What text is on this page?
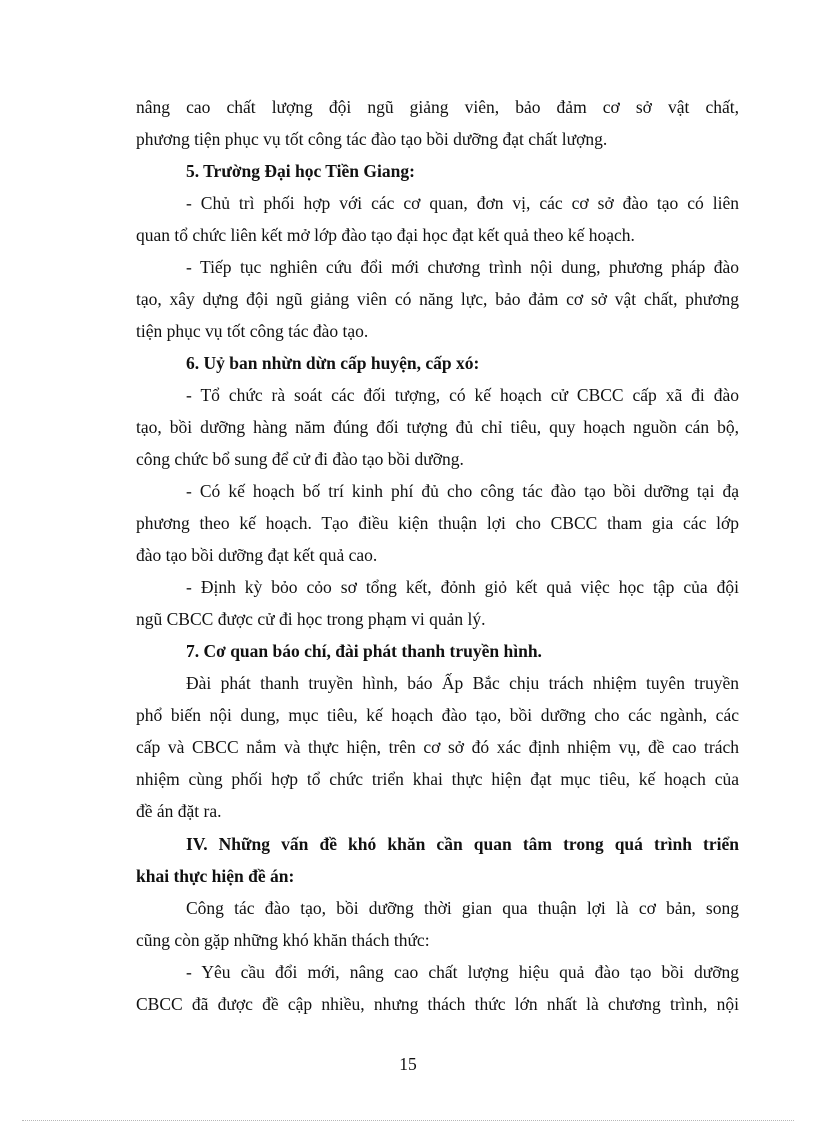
nâng cao chất lượng đội ngũ giảng viên, bảo đảm cơ sở vật chất,
phương tiện phục vụ tốt công tác đào tạo bồi dưỡng đạt chất lượng.
5. Trường Đại học Tiền Giang:
- Chủ trì phối hợp với các cơ quan, đơn vị, các cơ sở đào tạo có liên
quan tổ chức liên kết mở lớp đào tạo đại học đạt kết quả theo kế hoạch.
- Tiếp tục nghiên cứu đổi mới chương trình nội dung, phương pháp đào
tạo, xây dựng đội ngũ giảng viên có năng lực, bảo đảm cơ sở vật chất, phương
tiện phục vụ tốt công tác đào tạo.
6. Uỷ ban nhừn dừn cấp huyện, cấp xó:
- Tổ chức rà soát các đối tượng, có kế hoạch cử CBCC cấp xã đi đào
tạo, bồi dưỡng hàng năm đúng đối tượng đủ chỉ tiêu, quy hoạch nguồn cán bộ,
công chức bổ sung để cử đi đào tạo bồi dưỡng.
- Có kế hoạch bố trí kinh phí đủ cho công tác đào tạo bồi dưỡng tại đạ
phương theo kế hoạch. Tạo điều kiện thuận lợi cho CBCC tham gia các lớp
đào tạo bồi dưỡng đạt kết quả cao.
- Định kỳ bỏo cỏo sơ tổng kết, đỏnh giỏ kết quả việc học tập của đội
ngũ CBCC được cử đi học trong phạm vi quản lý.
7. Cơ quan báo chí, đài phát thanh truyền hình.
Đài phát thanh truyền hình, báo Ấp Bắc chịu trách nhiệm tuyên truyền
phổ biến nội dung, mục tiêu, kế hoạch đào tạo, bồi dưỡng cho các ngành, các
cấp và CBCC nắm và thực hiện, trên cơ sở đó xác định nhiệm vụ, đề cao trách
nhiệm cùng phối hợp tổ chức triển khai thực hiện đạt mục tiêu, kế hoạch của
đề án đặt ra.
IV. Những vấn đề khó khăn cần quan tâm trong quá trình triển
khai thực hiện đề án:
Công tác đào tạo, bồi dưỡng thời gian qua thuận lợi là cơ bản, song
cũng còn gặp những khó khăn thách thức:
- Yêu cầu đổi mới, nâng cao chất lượng hiệu quả đào tạo bồi dưỡng
CBCC đã được đề cập nhiều, nhưng thách thức lớn nhất là chương trình, nội
15
